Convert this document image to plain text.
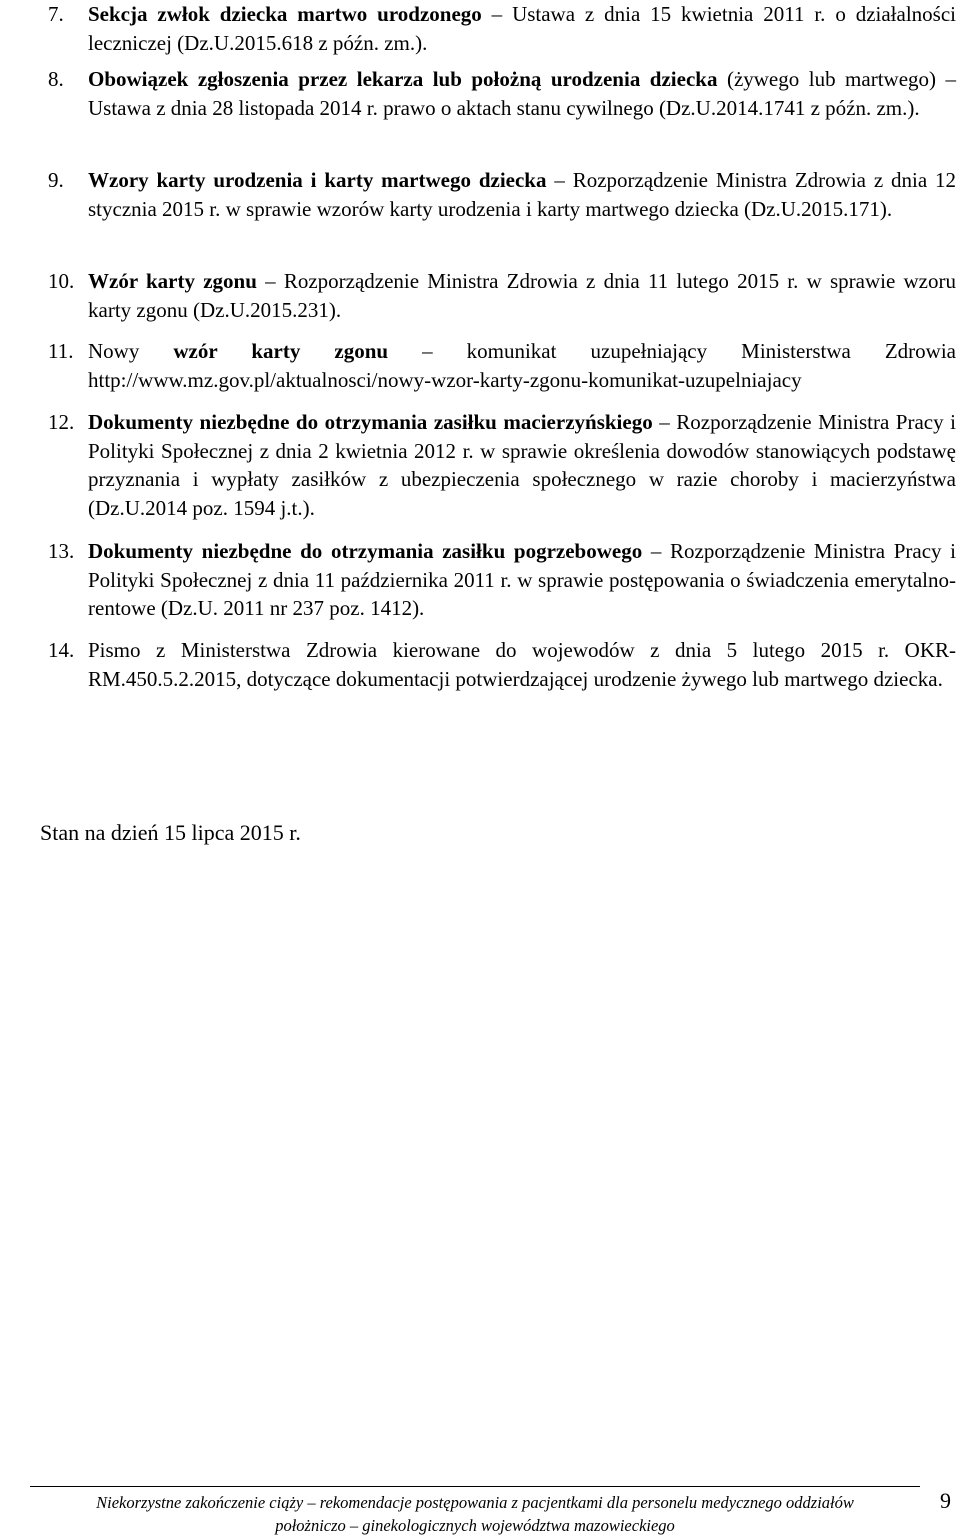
7.	Sekcja zwłok dziecka martwo urodzonego – Ustawa z dnia 15 kwietnia 2011 r. o działalności leczniczej (Dz.U.2015.618 z późn. zm.).
8.	Obowiązek zgłoszenia przez lekarza lub położną urodzenia dziecka (żywego lub martwego) – Ustawa z dnia 28 listopada 2014 r. prawo o aktach stanu cywilnego (Dz.U.2014.1741 z późn. zm.).
9.	Wzory karty urodzenia i karty martwego dziecka – Rozporządzenie Ministra Zdrowia z dnia 12 stycznia 2015 r. w sprawie wzorów karty urodzenia i karty martwego dziecka (Dz.U.2015.171).
10. Wzór karty zgonu – Rozporządzenie Ministra Zdrowia z dnia 11 lutego 2015 r. w sprawie wzoru karty zgonu (Dz.U.2015.231).
11. Nowy wzór karty zgonu – komunikat uzupełniający Ministerstwa Zdrowia http://www.mz.gov.pl/aktualnosci/nowy-wzor-karty-zgonu-komunikat-uzupelniajacy
12. Dokumenty niezbędne do otrzymania zasiłku macierzyńskiego – Rozporządzenie Ministra Pracy i Polityki Społecznej z dnia 2 kwietnia 2012 r. w sprawie określenia dowodów stanowiących podstawę przyznania i wypłaty zasiłków z ubezpieczenia społecznego w razie choroby i macierzyństwa (Dz.U.2014 poz. 1594 j.t.).
13. Dokumenty niezbędne do otrzymania zasiłku pogrzebowego – Rozporządzenie Ministra Pracy i Polityki Społecznej z dnia 11 października 2011 r. w sprawie postępowania o świadczenia emerytalno-rentowe (Dz.U. 2011 nr 237 poz. 1412).
14. Pismo z Ministerstwa Zdrowia kierowane do wojewodów z dnia 5 lutego 2015 r. OKR-RM.450.5.2.2015, dotyczące dokumentacji potwierdzającej urodzenie żywego lub martwego dziecka.
Stan na dzień 15 lipca 2015 r.
Niekorzystne zakończenie ciąży – rekomendacje postępowania z pacjentkami dla personelu medycznego oddziałów
położniczo – ginekologicznych województwa mazowieckiego
9
